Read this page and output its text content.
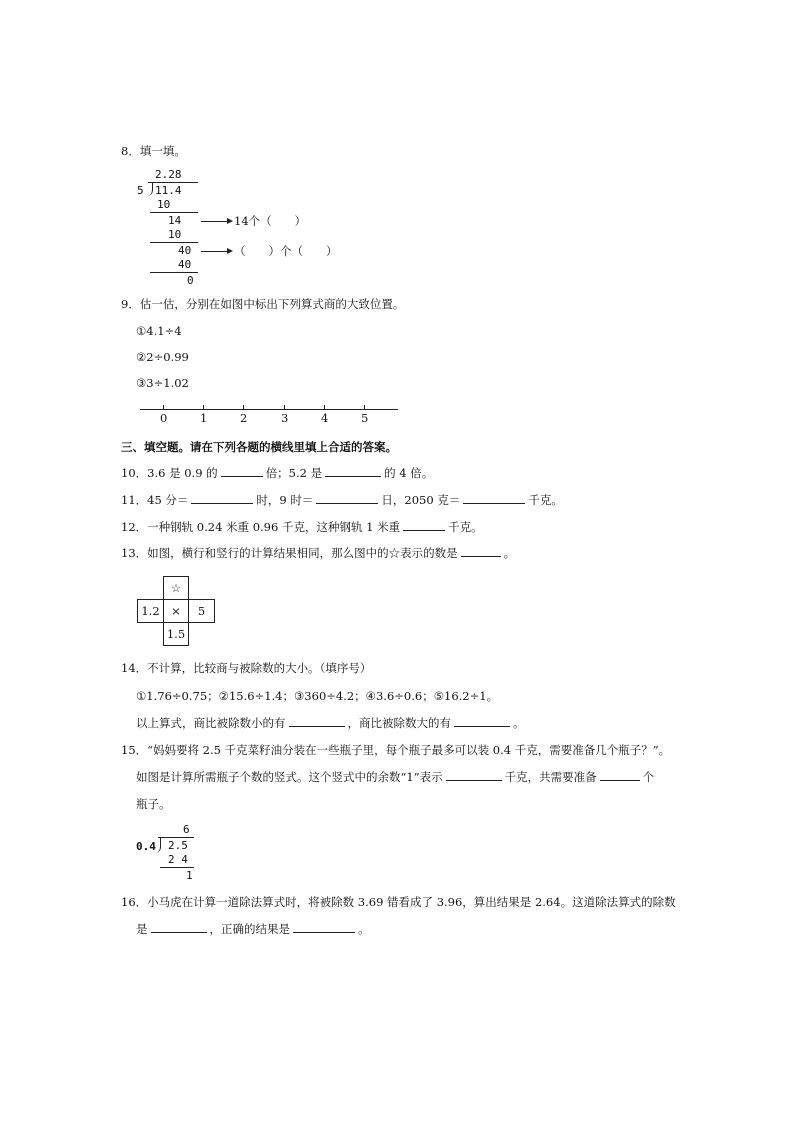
8．填一填。
2.28
5 11.4
10
14	14个（　　）
10
40	（　　）个（　　）
40
0
9．估一估，分别在如图中标出下列算式商的大致位置。
①4.1÷4
②2÷0.99
③3÷1.02
0	1	2	3	4	5
三、填空题。请在下列各题的横线里填上合适的答案。
10．3.6 是 0.9 的	倍；5.2 是	的 4 倍。
11．45 分＝	时，9 时＝	日，2050 克＝	千克。
12．一种钢轨 0.24 米重 0.96 千克，这种钢轨 1 米重	千克。
13．如图，横行和竖行的计算结果相同，那么图中的☆表示的数是	。
☆
1.2	×	5
1.5
14．不计算，比较商与被除数的大小。（填序号）
①1.76÷0.75；②15.6÷1.4；③360÷4.2；④3.6÷0.6；⑤16.2÷1。
以上算式，商比被除数小的有	，商比被除数大的有	。
15．“妈妈要将 2.5 千克菜籽油分装在一些瓶子里，每个瓶子最多可以装 0.4 千克，需要准备几个瓶子？”。
如图是计算所需瓶子个数的竖式。这个竖式中的余数“1”表示	千克，共需要准备	个
瓶子。
6
0.4 2.5
2 4
1
16．小马虎在计算一道除法算式时，将被除数 3.69 错看成了 3.96，算出结果是 2.64。这道除法算式的除数
是	，正确的结果是	。
